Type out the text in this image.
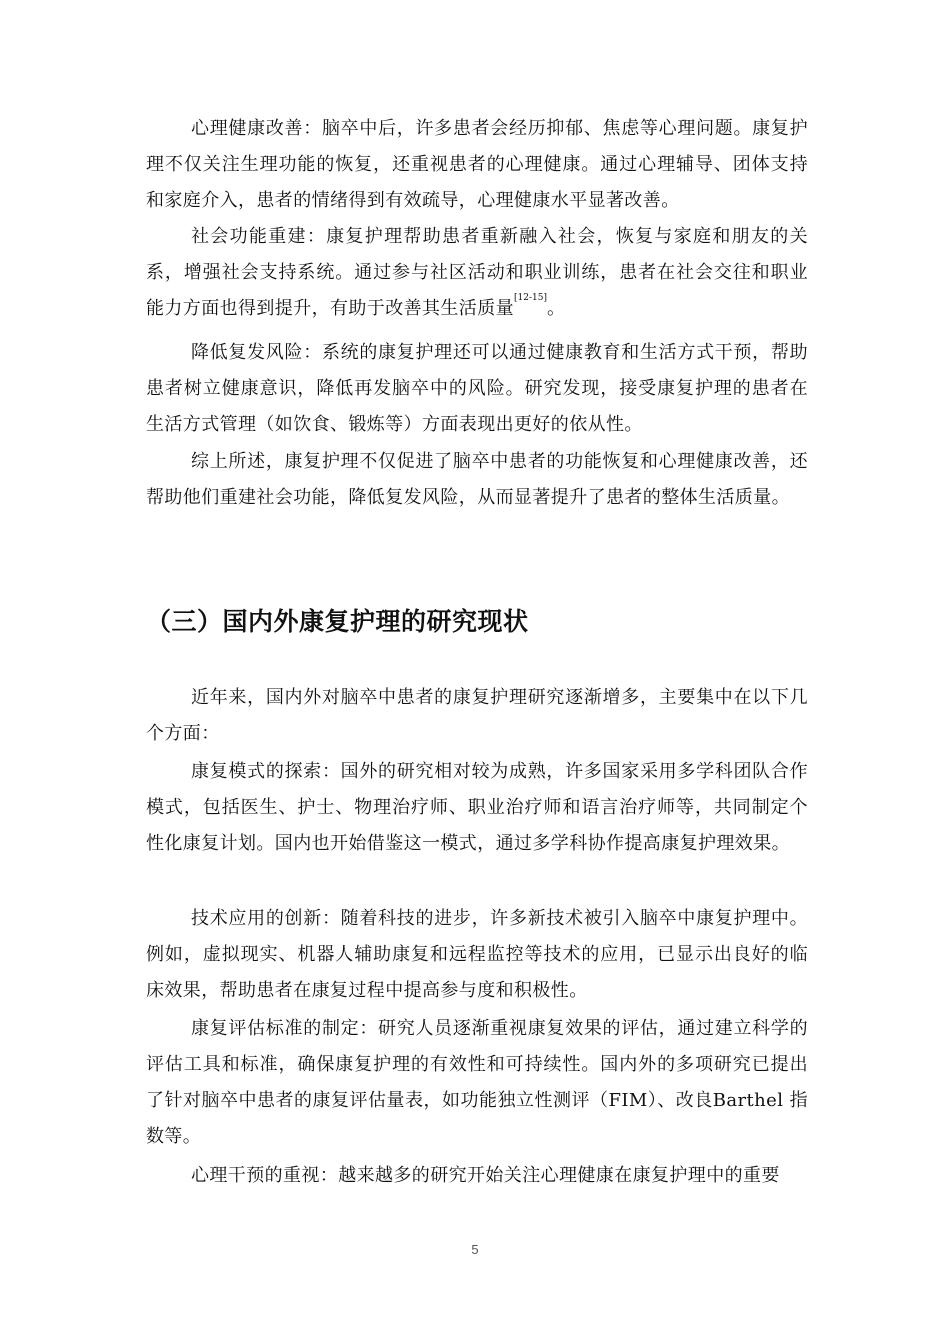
心理健康改善：脑卒中后，许多患者会经历抑郁、焦虑等心理问题。康复护理不仅关注生理功能的恢复，还重视患者的心理健康。通过心理辅导、团体支持和家庭介入，患者的情绪得到有效疏导，心理健康水平显著改善。

社会功能重建：康复护理帮助患者重新融入社会，恢复与家庭和朋友的关系，增强社会支持系统。通过参与社区活动和职业训练，患者在社会交往和职业能力方面也得到提升，有助于改善其生活质量[12-15]。

降低复发风险：系统的康复护理还可以通过健康教育和生活方式干预，帮助患者树立健康意识，降低再发脑卒中的风险。研究发现，接受康复护理的患者在生活方式管理（如饮食、锻炼等）方面表现出更好的依从性。

综上所述，康复护理不仅促进了脑卒中患者的功能恢复和心理健康改善，还帮助他们重建社会功能，降低复发风险，从而显著提升了患者的整体生活质量。

（三）国内外康复护理的研究现状

近年来，国内外对脑卒中患者的康复护理研究逐渐增多，主要集中在以下几个方面：

康复模式的探索：国外的研究相对较为成熟，许多国家采用多学科团队合作模式，包括医生、护士、物理治疗师、职业治疗师和语言治疗师等，共同制定个性化康复计划。国内也开始借鉴这一模式，通过多学科协作提高康复护理效果。

技术应用的创新：随着科技的进步，许多新技术被引入脑卒中康复护理中。例如，虚拟现实、机器人辅助康复和远程监控等技术的应用，已显示出良好的临床效果，帮助患者在康复过程中提高参与度和积极性。

康复评估标准的制定：研究人员逐渐重视康复效果的评估，通过建立科学的评估工具和标准，确保康复护理的有效性和可持续性。国内外的多项研究已提出了针对脑卒中患者的康复评估量表，如功能独立性测评（FIM）、改良Barthel 指数等。

心理干预的重视：越来越多的研究开始关注心理健康在康复护理中的重要

5
